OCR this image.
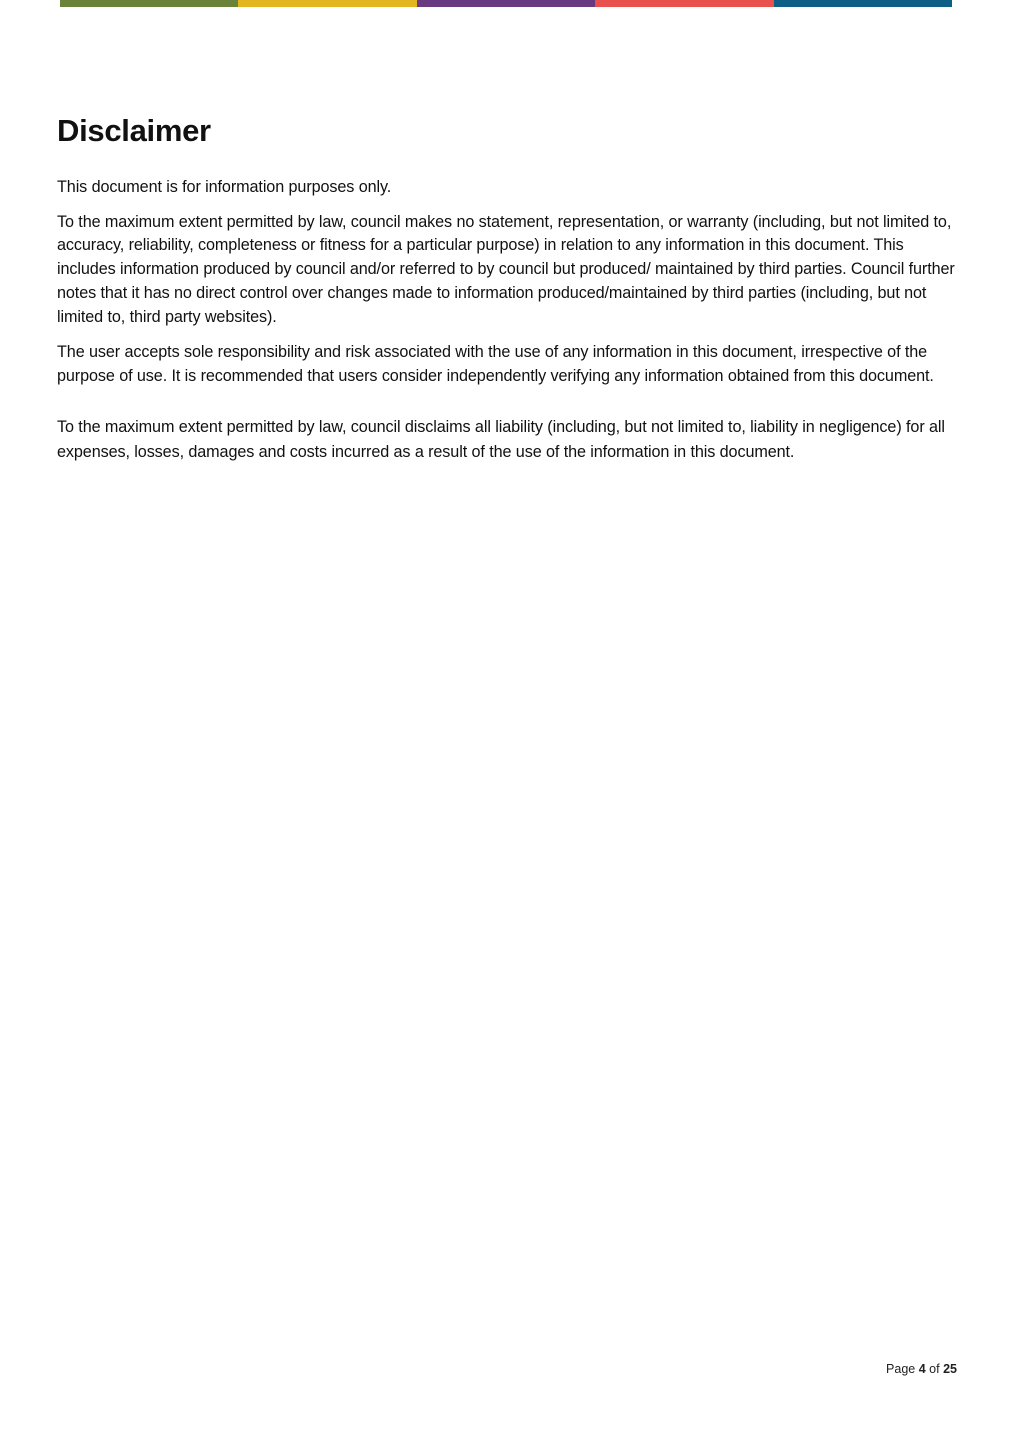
Disclaimer

This document is for information purposes only.

To the maximum extent permitted by law, council makes no statement, representation, or warranty (including, but not limited to, accuracy, reliability, completeness or fitness for a particular purpose) in relation to any information in this document. This includes information produced by council and/or referred to by council but produced/ maintained by third parties. Council further notes that it has no direct control over changes made to information produced/maintained by third parties (including, but not limited to, third party websites).

The user accepts sole responsibility and risk associated with the use of any information in this document, irrespective of the purpose of use. It is recommended that users consider independently verifying any information obtained from this document.

To the maximum extent permitted by law, council disclaims all liability (including, but not limited to, liability in negligence) for all expenses, losses, damages and costs incurred as a result of the use of the information in this document.

Page 4 of 25
